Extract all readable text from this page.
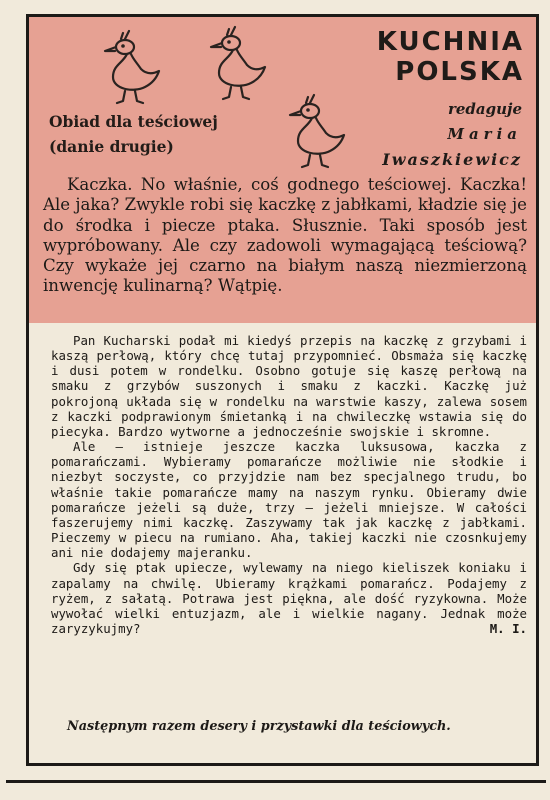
Obiad dla teściowej
(danie drugie)
KUCHNIA
POLSKA
redaguje
Maria
Iwaszkiewicz
Kaczka. No właśnie, coś godnego teściowej. Kaczka! Ale jaka? Zwykle robi się kaczkę z jabłkami, kładzie się je do środka i piecze ptaka. Słusznie. Taki sposób jest wypróbowany. Ale czy zadowoli wymagającą teściową? Czy wykaże jej czarno na białym naszą niezmierzoną inwencję kulinarną? Wątpię.

Pan Kucharski podał mi kiedyś przepis na kaczkę z grzybami i kaszą perłową, który chcę tutaj przypomnieć. Obsmaża się kaczkę i dusi potem w rondelku. Osobno gotuje się kaszę perłową na smaku z grzybów suszonych i smaku z kaczki. Kaczkę już pokrojoną układa się w rondelku na warstwie kaszy, zalewa sosem z kaczki podprawionym śmietanką i na chwileczkę wstawia się do piecyka. Bardzo wytworne a jednocześnie swojskie i skromne.

Ale — istnieje jeszcze kaczka luksusowa, kaczka z pomarańczami. Wybieramy pomarańcze możliwie nie słodkie i niezbyt soczyste, co przyjdzie nam bez specjalnego trudu, bo właśnie takie pomarańcze mamy na naszym rynku. Obieramy dwie pomarańcze jeżeli są duże, trzy — jeżeli mniejsze. W całości faszerujemy nimi kaczkę. Zaszywamy tak jak kaczkę z jabłkami. Pieczemy w piecu na rumiano. Aha, takiej kaczki nie czosnkujemy ani nie dodajemy majeranku.

Gdy się ptak upiecze, wylewamy na niego kieliszek koniaku i zapalamy na chwilę. Ubieramy krążkami pomarańcz. Podajemy z ryżem, z sałatą. Potrawa jest piękna, ale dość ryzykowna. Może wywołać wielki entuzjazm, ale i wielkie nagany. Jednak może zaryzykujmy?	M. I.
Następnym razem desery i przystawki dla teściowych.
